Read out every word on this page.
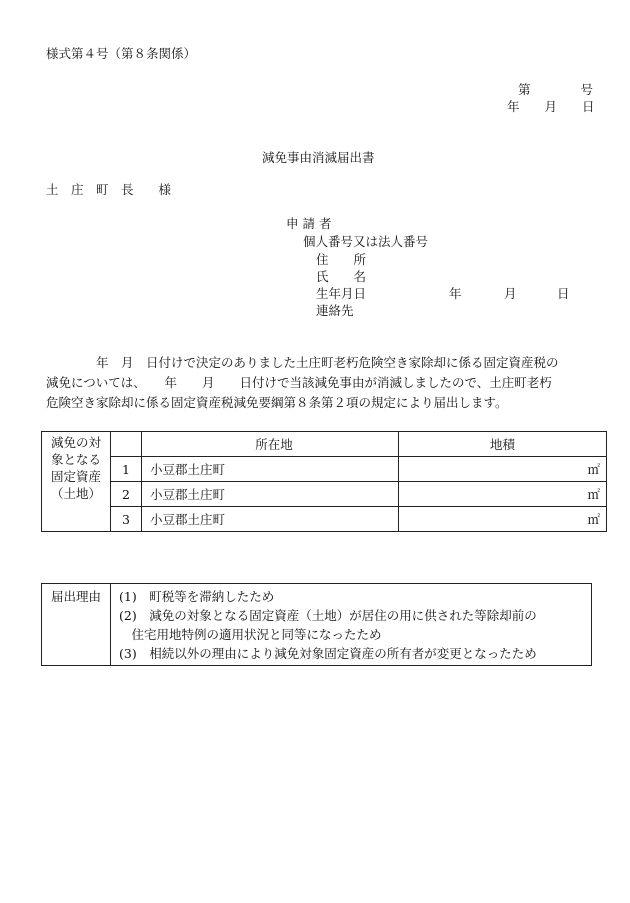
様式第４号（第８条関係）
第　　　　号
年　　月　　日
減免事由消滅届出書
土　庄　町　長　　様
申 請 者
個人番号又は法人番号
住　　所
氏　　名
生年月日	年	月	日
連絡先
　　　　年　月　日付けで決定のありました土庄町老朽危険空き家除却に係る固定資産税の
減免については、　　年　　月　　日付けで当該減免事由が消滅しましたので、土庄町老朽
危険空き家除却に係る固定資産税減免要綱第８条第２項の規定により届出します。
減免の対
象となる
固定資産
（土地）		所在地	地積
	1	小豆郡土庄町	㎡
	2	小豆郡土庄町	㎡
	3	小豆郡土庄町	㎡
届出理由	(1)　町税等を滞納したため
(2)　減免の対象となる固定資産（土地）が居住の用に供された等除却前の
　住宅用地特例の適用状況と同等になったため
(3)　相続以外の理由により減免対象固定資産の所有者が変更となったため
